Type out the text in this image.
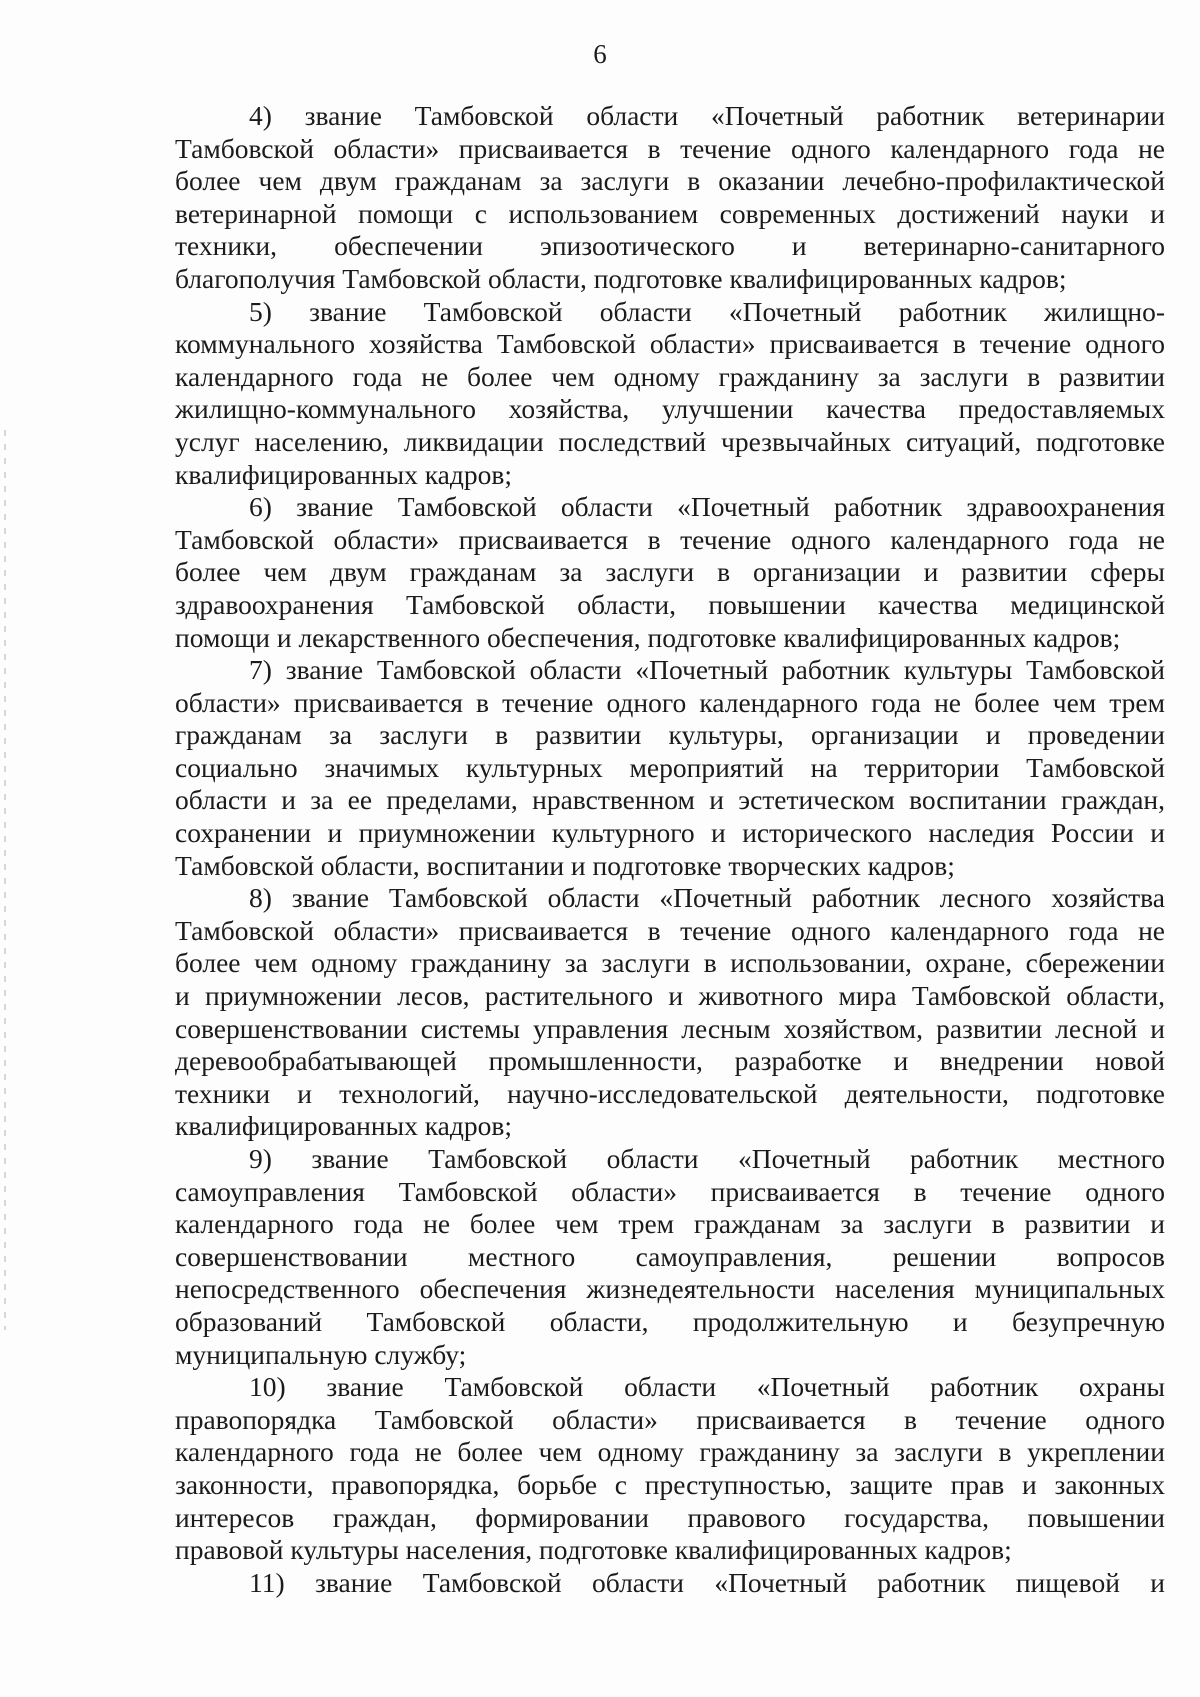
6
4) звание Тамбовской области «Почетный работник ветеринарии
Тамбовской области» присваивается в течение одного календарного года не
более чем двум гражданам за заслуги в оказании лечебно-профилактической
ветеринарной помощи с использованием современных достижений науки и
техники, обеспечении эпизоотического и ветеринарно-санитарного
благополучия Тамбовской области, подготовке квалифицированных кадров;
5) звание Тамбовской области «Почетный работник жилищно-
коммунального хозяйства Тамбовской области» присваивается в течение одного
календарного года не более чем одному гражданину за заслуги в развитии
жилищно-коммунального хозяйства, улучшении качества предоставляемых
услуг населению, ликвидации последствий чрезвычайных ситуаций, подготовке
квалифицированных кадров;
6) звание Тамбовской области «Почетный работник здравоохранения
Тамбовской области» присваивается в течение одного календарного года не
более чем двум гражданам за заслуги в организации и развитии сферы
здравоохранения Тамбовской области, повышении качества медицинской
помощи и лекарственного обеспечения, подготовке квалифицированных кадров;
7) звание Тамбовской области «Почетный работник культуры Тамбовской
области» присваивается в течение одного календарного года не более чем трем
гражданам за заслуги в развитии культуры, организации и проведении
социально значимых культурных мероприятий на территории Тамбовской
области и за ее пределами, нравственном и эстетическом воспитании граждан,
сохранении и приумножении культурного и исторического наследия России и
Тамбовской области, воспитании и подготовке творческих кадров;
8) звание Тамбовской области «Почетный работник лесного хозяйства
Тамбовской области» присваивается в течение одного календарного года не
более чем одному гражданину за заслуги в использовании, охране, сбережении
и приумножении лесов, растительного и животного мира Тамбовской области,
совершенствовании системы управления лесным хозяйством, развитии лесной и
деревообрабатывающей промышленности, разработке и внедрении новой
техники и технологий, научно-исследовательской деятельности, подготовке
квалифицированных кадров;
9) звание Тамбовской области «Почетный работник местного
самоуправления Тамбовской области» присваивается в течение одного
календарного года не более чем трем гражданам за заслуги в развитии и
совершенствовании местного самоуправления, решении вопросов
непосредственного обеспечения жизнедеятельности населения муниципальных
образований Тамбовской области, продолжительную и безупречную
муниципальную службу;
10) звание Тамбовской области «Почетный работник охраны
правопорядка Тамбовской области» присваивается в течение одного
календарного года не более чем одному гражданину за заслуги в укреплении
законности, правопорядка, борьбе с преступностью, защите прав и законных
интересов граждан, формировании правового государства, повышении
правовой культуры населения, подготовке квалифицированных кадров;
11) звание Тамбовской области «Почетный работник пищевой и
